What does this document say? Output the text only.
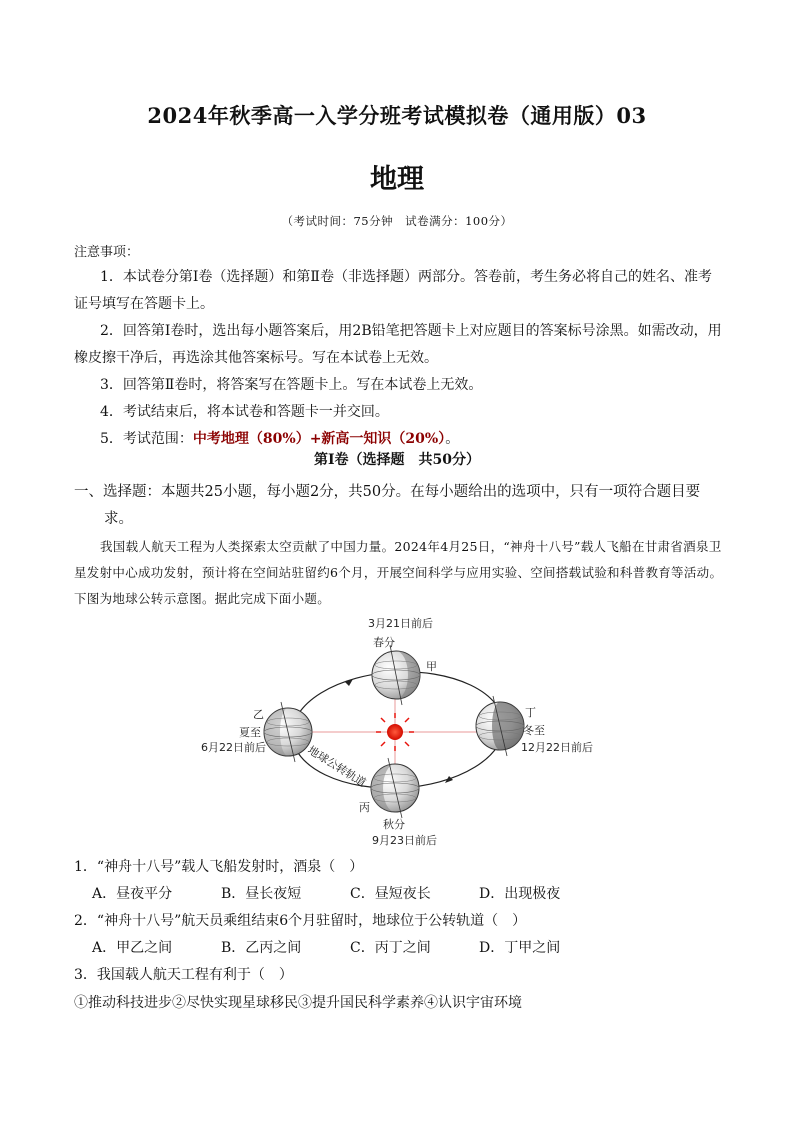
2024年秋季高一入学分班考试模拟卷（通用版）03
地理
（考试时间：75分钟　试卷满分：100分）
注意事项：
1．本试卷分第Ⅰ卷（选择题）和第Ⅱ卷（非选择题）两部分。答卷前，考生务必将自己的姓名、准考证号填写在答题卡上。
2．回答第Ⅰ卷时，选出每小题答案后，用2B铅笔把答题卡上对应题目的答案标号涂黑。如需改动，用橡皮擦干净后，再选涂其他答案标号。写在本试卷上无效。
3．回答第Ⅱ卷时，将答案写在答题卡上。写在本试卷上无效。
4．考试结束后，将本试卷和答题卡一并交回。
5．考试范围：中考地理（80%）+新高一知识（20%）。
第Ⅰ卷（选择题　共50分）
一、选择题：本题共25小题，每小题2分，共50分。在每小题给出的选项中，只有一项符合题目要
求。
我国载人航天工程为人类探索太空贡献了中国力量。2024年4月25日，“神舟十八号”载人飞船在甘肃省酒泉卫星发射中心成功发射，预计将在空间站驻留约6个月，开展空间科学与应用实验、空间搭载试验和科普教育等活动。下图为地球公转示意图。据此完成下面小题。
3月21日前后
春分
甲
乙
夏至
6月22日前后
丁
冬至
12月22日前后
丙
秋分
9月23日前后
地球公转轨道
1．“神舟十八号”载人飞船发射时，酒泉（　）
A．昼夜平分	B．昼长夜短	C．昼短夜长	D．出现极夜
2．“神舟十八号”航天员乘组结束6个月驻留时，地球位于公转轨道（　）
A．甲乙之间	B．乙丙之间	C．丙丁之间	D．丁甲之间
3．我国载人航天工程有利于（　）
①推动科技进步②尽快实现星球移民③提升国民科学素养④认识宇宙环境
